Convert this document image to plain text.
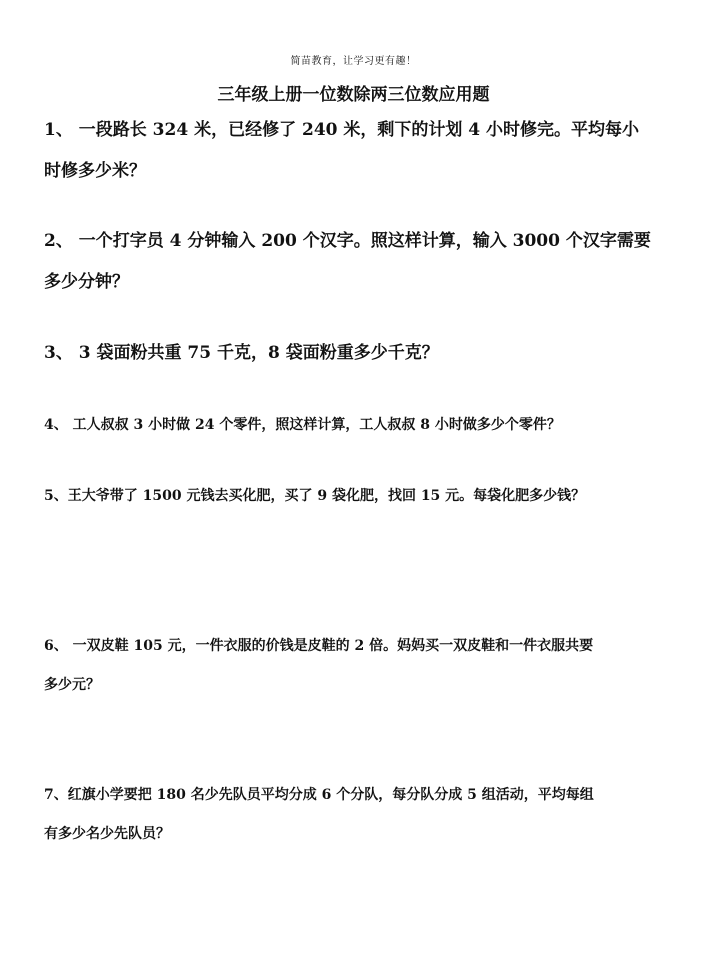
简苗教育，让学习更有趣！
三年级上册一位数除两三位数应用题
1、 一段路长 324 米，已经修了 240 米，剩下的计划 4 小时修完。平均每小
时修多少米？
2、 一个打字员 4 分钟输入 200 个汉字。照这样计算，输入 3000 个汉字需要
多少分钟？
3、 3 袋面粉共重 75 千克，8 袋面粉重多少千克？
4、 工人叔叔 3 小时做 24 个零件，照这样计算，工人叔叔 8 小时做多少个零件？
5、王大爷带了 1500 元钱去买化肥，买了 9 袋化肥，找回 15 元。每袋化肥多少钱？
6、 一双皮鞋 105 元，一件衣服的价钱是皮鞋的 2 倍。妈妈买一双皮鞋和一件衣服共要
多少元？
7、红旗小学要把 180 名少先队员平均分成 6 个分队，每分队分成 5 组活动，平均每组
有多少名少先队员？
